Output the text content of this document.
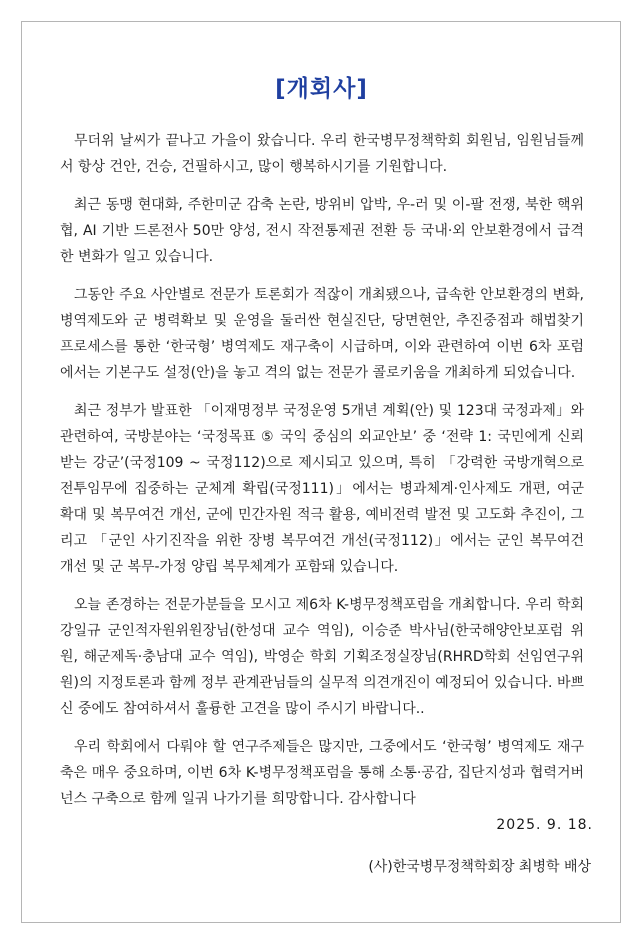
[개회사]

무더위 날씨가 끝나고 가을이 왔습니다. 우리 한국병무정책학회 회원님, 임원님들께서 항상 건안, 건승, 건필하시고, 많이 행복하시기를 기원합니다.

최근 동맹 현대화, 주한미군 감축 논란, 방위비 압박, 우-러 및 이-팔 전쟁, 북한 핵위협, AI 기반 드론전사 50만 양성, 전시 작전통제권 전환 등 국내·외 안보환경에서 급격한 변화가 일고 있습니다.

그동안 주요 사안별로 전문가 토론회가 적잖이 개최됐으나, 급속한 안보환경의 변화, 병역제도와 군 병력확보 및 운영을 둘러싼 현실진단, 당면현안, 추진중점과 해법찾기 프로세스를 통한 ‘한국형’ 병역제도 재구축이 시급하며, 이와 관련하여 이번 6차 포럼에서는 기본구도 설정(안)을 놓고 격의 없는 전문가 콜로키움을 개최하게 되었습니다.

최근 정부가 발표한 「이재명정부 국정운영 5개년 계획(안) 및 123대 국정과제」와 관련하여, 국방분야는 ‘국정목표 ⑤ 국익 중심의 외교안보’ 중 ‘전략 1: 국민에게 신뢰받는 강군’(국정109 ~ 국정112)으로 제시되고 있으며, 특히 「강력한 국방개혁으로 전투임무에 집중하는 군체계 확립(국정111)」에서는 병과체계·인사제도 개편, 여군 확대 및 복무여건 개선, 군에 민간자원 적극 활용, 예비전력 발전 및 고도화 추진이, 그리고 「군인 사기진작을 위한 장병 복무여건 개선(국정112)」에서는 군인 복무여건 개선 및 군 복무-가정 양립 복무체계가 포함돼 있습니다.

오늘 존경하는 전문가분들을 모시고 제6차 K-병무정책포럼을 개최합니다. 우리 학회 강일규 군인적자원위원장님(한성대 교수 역임), 이승준 박사님(한국해양안보포럼 위원, 해군제독·충남대 교수 역임), 박영순 학회 기획조정실장님(RHRD학회 선임연구위원)의 지정토론과 함께 정부 관계관님들의 실무적 의견개진이 예정되어 있습니다. 바쁘신 중에도 참여하셔서 훌륭한 고견을 많이 주시기 바랍니다..

우리 학회에서 다뤄야 할 연구주제들은 많지만, 그중에서도 ‘한국형’ 병역제도 재구축은 매우 중요하며, 이번 6차 K-병무정책포럼을 통해 소통·공감, 집단지성과 협력거버넌스 구축으로 함께 일궈 나가기를 희망합니다. 감사합니다

2025. 9. 18.
(사)한국병무정책학회장 최병학 배상
